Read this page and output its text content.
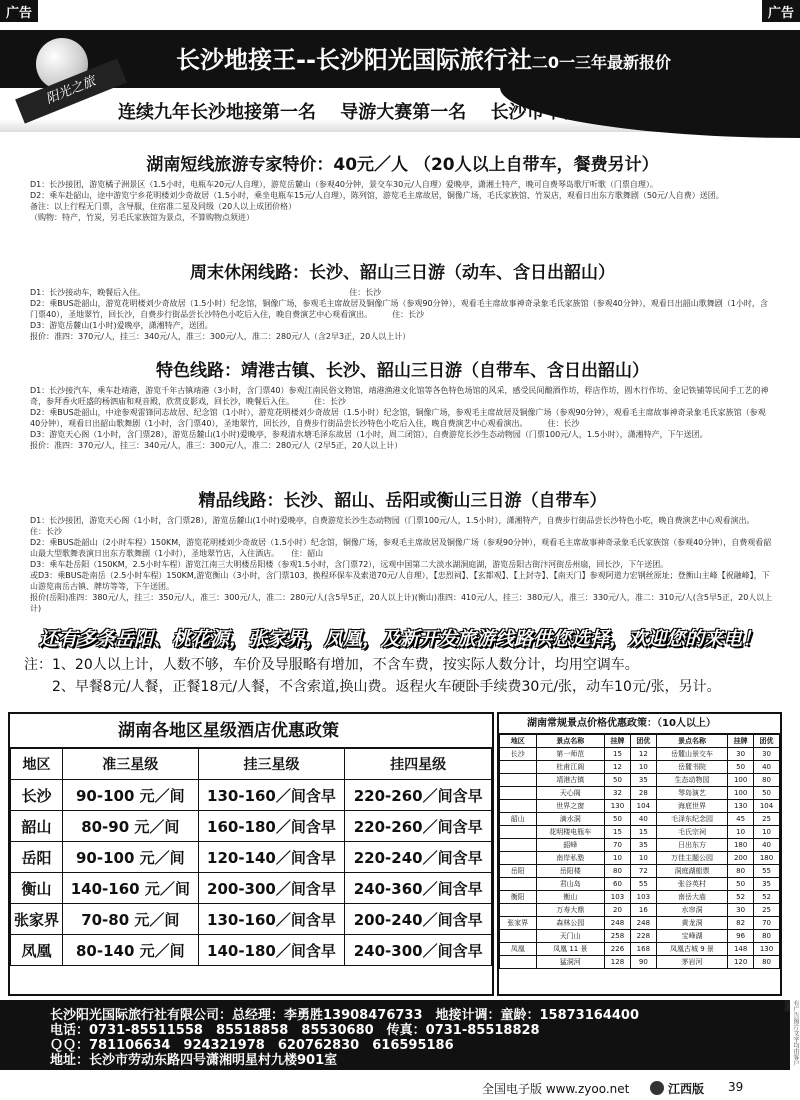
广告	广告
长沙地接王--长沙阳光国际旅行社二0一三年最新报价
阳光之旅
连续九年长沙地接第一名 导游大赛第一名 长沙市十佳旅行社
湖南短线旅游专家特价：40元／人 （20人以上自带车，餐费另计）
D1：长沙接团，游览橘子洲景区（1.5小时，电瓶车20元/人自理），游览岳麓山（参观40分钟，景交车30元/人自理）爱晚亭，潇湘土特产，晚可自费琴岛歌厅听歌（门票自理）。
D2：乘车赴韶山，途中游览宁乡花明楼刘少奇故居（1.5小时，乘坐电瓶车15元/人自理），陈列馆，游览毛主席故居，铜像广场，毛氏家族馆、竹炭店，观看日出东方歌舞剧（50元/人自费）送团。
备注：以上行程无门票，含导服，住宿准二星及同级（20人以上成团价格）
（购物：特产，竹炭，另毛氏家族馆为景点，不算购物点须进）
周末休闲线路：长沙、韶山三日游（动车、含日出韶山）
D1：长沙接动车，晚餐后入住。　　　　　　　　　　　　　　　　　　　　　　　　　　住：长沙
D2：乘BUS赴韶山，游览花明楼刘少奇故居（1.5小时）纪念馆，铜像广场，参观毛主席故居及铜像广场（参观90分钟），观看毛主席故事神奇录象毛氏家族馆（参观40分钟），观看日出韶山歌舞剧（1小时，含门票40），圣地翠竹，回长沙，自费步行街品尝长沙特色小吃后入住，晚自费演艺中心观看演出。　　　住：长沙
D3：游览岳麓山(1小时)爱晚亭，潇湘特产，送团。
报价：准四：370元/人，挂三：340元/人，准三：300元/人，准二：280元/人（含2早3正，20人以上计）
特色线路：靖港古镇、长沙、韶山三日游（自带车、含日出韶山）
D1：长沙接汽车，乘车赴靖港，游览千年古镇靖港（3小时，含门票40）参观江南民俗文物馆，靖港渔港文化馆等各色特色场馆的风采，感受民间酿酒作坊，稃店作坊，圆木行作坊、金记铁铺等民间手工艺的神奇，参拜香火旺盛的杨泗庙和观音殿，欣赏皮影戏，回长沙，晚餐后入住。　　　住：长沙
D2：乘BUS赴韶山，中途参观雷锋同志故居、纪念馆（1小时），游览花明楼刘少奇故居（1.5小时）纪念馆，铜像广场，参观毛主席故居及铜像广场（参观90分钟），观看毛主席故事神奇录象毛氏家族馆（参观40分钟），观看日出韶山歌舞剧（1小时，含门票40），圣地翠竹，回长沙，自费步行街品尝长沙特色小吃后入住，晚自费演艺中心观看演出。　　　住：长沙
D3：游览天心阁（1小时，含门票28），游览岳麓山(1小时)爱晚亭，参观清水塘毛泽东故居（1小时，周二闭馆），自费游览长沙生态动物园（门票100元/人，1.5小时），潇湘特产，下午送团。
报价：准四：370元/人，挂三：340元/人，准三：300元/人，准二：280元/人（2早5正，20人以上计）
精品线路：长沙、韶山、岳阳或衡山三日游（自带车）
D1：长沙接团，游览天心阁（1小时，含门票28），游览岳麓山(1小时)爱晚亭，自费游览长沙生态动物园（门票100元/人，1.5小时），潇湘特产，自费步行街品尝长沙特色小吃，晚自费演艺中心观看演出。　　住：长沙
D2：乘BUS赴韶山（2小时车程）150KM，游览花明楼刘少奇故居（1.5小时）纪念馆，铜像广场，参观毛主席故居及铜像广场（参观90分钟），观看毛主席故事神奇录象毛氏家族馆（参观40分钟），自费观看韶山最大型歌舞表演日出东方歌舞剧（1小时），圣地翠竹店，入住酒店。　　住：韶山
D3：乘车赴岳阳（150KM，2.5小时车程）游览江南三大明楼岳阳楼（参观1.5小时，含门票72），远观中国第二大淡水湖洞庭湖，游览岳阳古街汴河街岳州扇，回长沙，下午送团。
或D3：乘BUS赴南岳（2.5小时车程）150KM,游览衡山（3小时，含门票103，换程环保车及索道70元/人自理），【忠烈祠】、【玄都观】、【上封寺】、【南天门】参观阿道力宏钢丝原址；登衡山主峰【祝融峰】，下山游览南岳古镇、牌坊等等，下午送团。
报价(岳阳)准四：380元/人，挂三：350元/人，准三：300元/人，准二：280元/人(含5早5正，20人以上计)(衡山)准四：410元/人，挂三：380元/人，准三：330元/人，准二：310元/人(含5早5正，20人以上计)
还有多条岳阳、桃花源，张家界，凤凰，及新开发旅游线路供您选择，欢迎您的来电！
注：1、20人以上计，人数不够，车价及导服略有增加，不含车费，按实际人数分计，均用空调车。
　　2、早餐8元/人餐，正餐18元/人餐，不含索道,换山费。返程火车硬卧手续费30元/张，动车10元/张，另计。
湖南各地区星级酒店优惠政策
地区	准三星级	挂三星级	挂四星级
长沙	90-100 元／间	130-160／间含早	220-260／间含早
韶山	80-90 元／间	160-180／间含早	220-260／间含早
岳阳	90-100 元／间	120-140／间含早	220-240／间含早
衡山	140-160 元／间	200-300／间含早	240-360／间含早
张家界	70-80 元／间	130-160／间含早	200-240／间含早
凤凰	80-140 元／间	140-180／间含早	240-300／间含早
湖南常规景点价格优惠政策：（10人以上）
地区	景点名称	挂牌	团优	景点名称	挂牌	团优
长沙	第一师范	15	12	岳麓山景交车	30	30
	杜甫江阁	12	10	岳麓书院	50	40
	靖港古镇	50	35	生态动物园	100	80
	天心阁	32	28	琴岛演艺	100	50
	世界之窗	130	104	海底世界	130	104
韶山	滴水洞	50	40	毛泽东纪念园	45	25
	花明楼电瓶车	15	15	毛氏宗祠	10	10
	韶峰	70	35	日出东方	180	40
	南岸私塾	10	10	万佳主题公园	200	180
岳阳	岳阳楼	80	72	洞庭湖船票	80	55
	君山岛	60	55	张谷英村	50	35
衡阳	衡山	103	103	南岳大庙	52	52
	万寿大鼎	20	16	水帘洞	30	25
张家界	森林公园	248	248	黄龙洞	82	70
	天门山	258	228	宝峰湖	96	80
凤凰	凤凰 11 景	226	168	凤凰古城 9 景	148	130
	猛洞河	128	90	茅岩河	120	80
长沙阳光国际旅行社有限公司：总经理：李勇胜13908476733　地接计调：童龄：15873164400
电话：0731-85511558　85518858　85530680　传真：0731-85518828
ＱＱ：781106634　924321978　620762830　616595186
地址：长沙市劳动东路四号潇湘明星村九楼901室	有广告图片文字均由客户提供
全国电子版 www.zyoo.net	江西版 39
